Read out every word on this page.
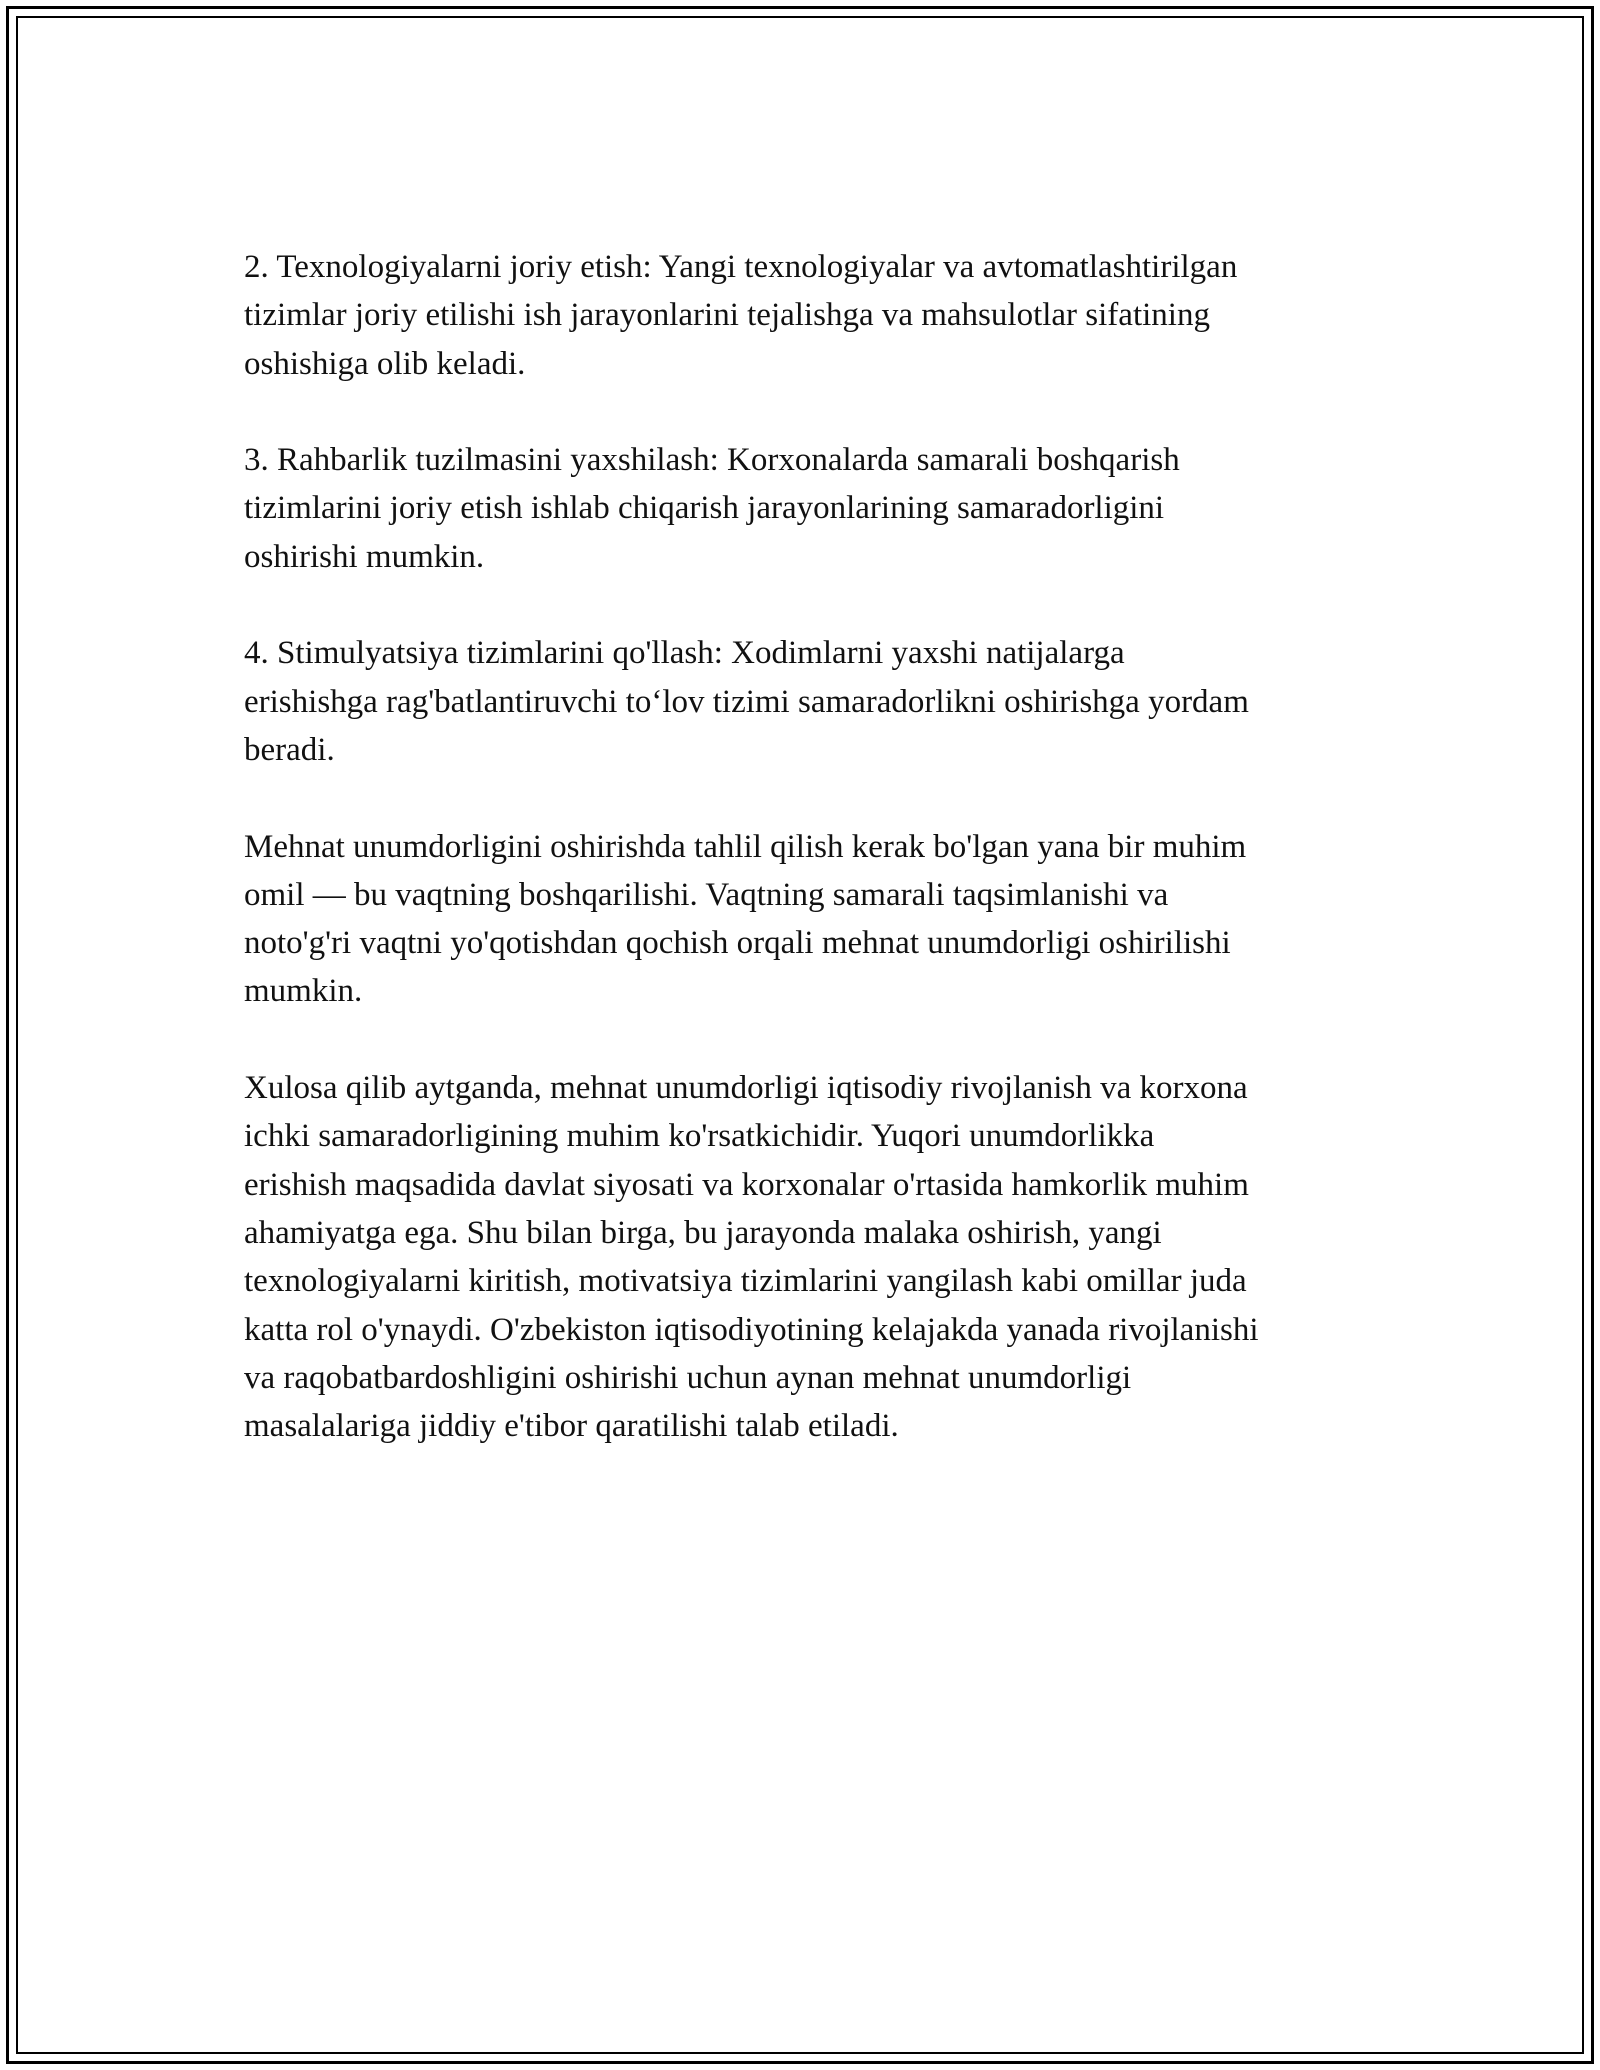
2. Texnologiyalarni joriy etish: Yangi texnologiyalar va avtomatlashtirilgan
tizimlar joriy etilishi ish jarayonlarini tejalishga va mahsulotlar sifatining
oshishiga olib keladi.

3. Rahbarlik tuzilmasini yaxshilash: Korxonalarda samarali boshqarish
tizimlarini joriy etish ishlab chiqarish jarayonlarining samaradorligini
oshirishi mumkin.

4. Stimulyatsiya tizimlarini qo'llash: Xodimlarni yaxshi natijalarga
erishishga rag'batlantiruvchi to‘lov tizimi samaradorlikni oshirishga yordam
beradi.

Mehnat unumdorligini oshirishda tahlil qilish kerak bo'lgan yana bir muhim
omil — bu vaqtning boshqarilishi. Vaqtning samarali taqsimlanishi va
noto'g'ri vaqtni yo'qotishdan qochish orqali mehnat unumdorligi oshirilishi
mumkin.

Xulosa qilib aytganda, mehnat unumdorligi iqtisodiy rivojlanish va korxona
ichki samaradorligining muhim ko'rsatkichidir. Yuqori unumdorlikka
erishish maqsadida davlat siyosati va korxonalar o'rtasida hamkorlik muhim
ahamiyatga ega. Shu bilan birga, bu jarayonda malaka oshirish, yangi
texnologiyalarni kiritish, motivatsiya tizimlarini yangilash kabi omillar juda
katta rol o'ynaydi. O'zbekiston iqtisodiyotining kelajakda yanada rivojlanishi
va raqobatbardoshligini oshirishi uchun aynan mehnat unumdorligi
masalalariga jiddiy e'tibor qaratilishi talab etiladi.
